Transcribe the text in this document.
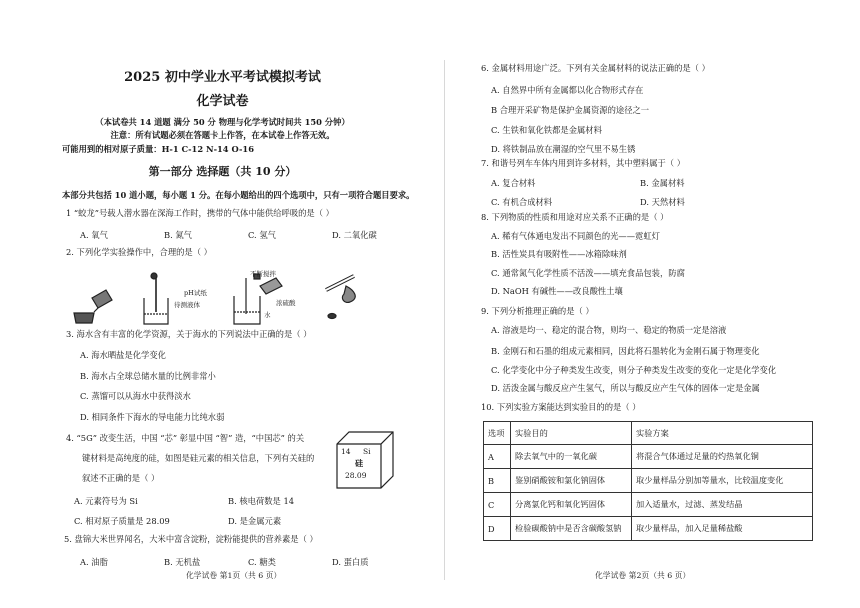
2025 初中学业水平考试模拟考试
化学试卷
（本试卷共 14 道题 满分 50 分 物理与化学考试时间共 150 分钟）
注意：所有试题必须在答题卡上作答，在本试卷上作答无效。
可能用到的相对原子质量：H-1 C-12 N-14 O-16
第一部分 选择题（共 10 分）
本部分共包括 10 道小题，每小题 1 分。在每小题给出的四个选项中，只有一项符合题目要求。
1 “蛟龙”号载人潜水器在深海工作时，携带的气体中能供给呼吸的是（ ）
A. 氧气	B. 氮气	C. 氢气	D. 二氧化碳
2. 下列化学实验操作中，合理的是（ ）
pH试纸
待测液体
不断搅拌
浓硫酸
水
3. 海水含有丰富的化学资源，关于海水的下列说法中正确的是（ ）
A. 海水晒盐是化学变化
B. 海水占全球总储水量的比例非常小
C. 蒸馏可以从海水中获得淡水
D. 相同条件下海水的导电能力比纯水弱
4. “5G” 改变生活，中国 “芯” 彰显中国 “智” 造，“中国芯” 的关
键材料是高纯度的硅，如图是硅元素的相关信息，下列有关硅的
叙述不正确的是（ ）
14 Si
硅
28.09
A. 元素符号为 Si	B. 核电荷数是 14
C. 相对原子质量是 28.09	D. 是金属元素
5. 盘锦大米世界闻名，大米中富含淀粉，淀粉能提供的营养素是（ ）
A. 油脂	B. 无机盐	C. 糖类	D. 蛋白质
化学试卷 第1页（共 6 页）
6. 金属材料用途广泛。下列有关金属材料的说法正确的是（ ）
A. 自然界中所有金属都以化合物形式存在
B 合理开采矿物是保护金属资源的途径之一
C. 生铁和氧化铁都是金属材料
D. 将铁制品放在潮湿的空气里不易生锈
7. 和谐号列车车体内用到许多材料，其中塑料属于（ ）
A. 复合材料	B. 金属材料
C. 有机合成材料	D. 天然材料
8. 下列物质的性质和用途对应关系不正确的是（ ）
A. 稀有气体通电发出不同颜色的光——霓虹灯
B. 活性炭具有吸附性——冰箱除味剂
C. 通常氮气化学性质不活泼——填充食品包装，防腐
D. NaOH 有碱性——改良酸性土壤
9. 下列分析推理正确的是（ ）
A. 溶液是均一、稳定的混合物，则均一、稳定的物质一定是溶液
B. 金刚石和石墨的组成元素相同，因此将石墨转化为金刚石属于物理变化
C. 化学变化中分子种类发生改变，则分子种类发生改变的变化一定是化学变化
D. 活泼金属与酸反应产生氢气，所以与酸反应产生气体的固体一定是金属
10. 下列实验方案能达到实验目的的是（ ）
选项	实验目的	实验方案
A	除去氧气中的一氧化碳	将混合气体通过足量的灼热氧化铜
B	鉴别硝酸铵和氯化钠固体	取少量样品分别加等量水，比较温度变化
C	分离氯化钙和氧化钙固体	加入适量水，过滤、蒸发结晶
D	检验碳酸钠中是否含碳酸氢钠	取少量样品，加入足量稀盐酸
化学试卷 第2页（共 6 页）
